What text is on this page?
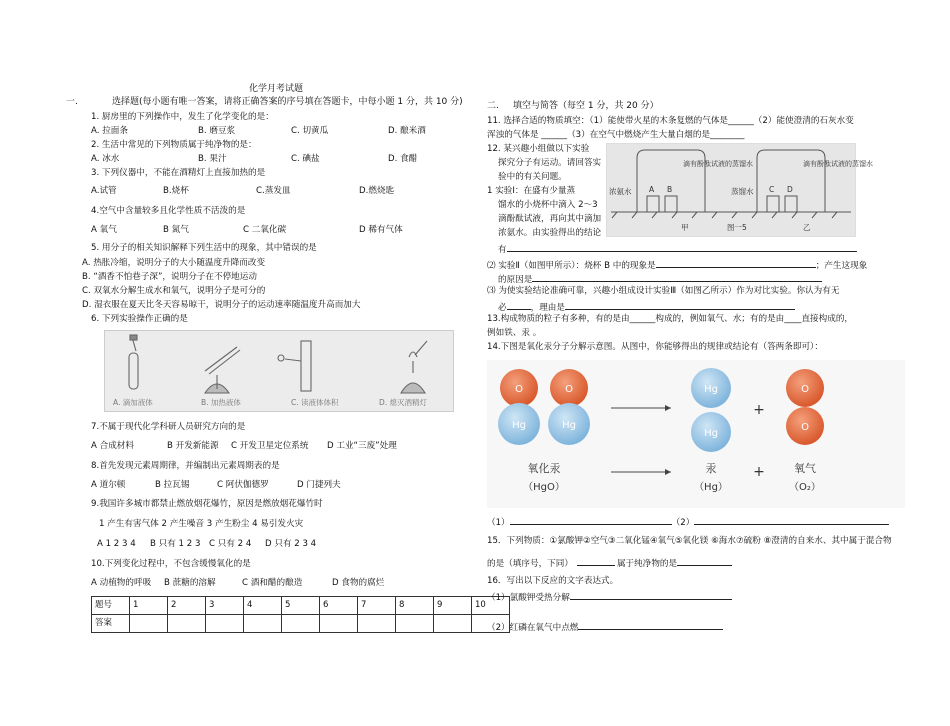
化学月考试题
一.	选择题(每小题有唯一答案，请将正确答案的序号填在答题卡，中每小题 1 分，共 10 分)
1. 厨房里的下列操作中，发生了化学变化的是：
A. 拉面条	B. 磨豆浆	C. 切黄瓜	D. 酿米酒
2. 生活中常见的下列物质属于纯净物的是：
A. 冰水	B. 果汁	C. 碘盐	D. 食醋
3. 下列仪器中，不能在酒精灯上直接加热的是
A.试管	B.烧杯	C.蒸发皿	D.燃烧匙
4.空气中含量较多且化学性质不活泼的是
A 氧气	B 氮气	C 二氧化碳	D 稀有气体
5. 用分子的相关知识解释下列生活中的现象，其中错误的是
A. 热胀冷缩，说明分子的大小随温度升降而改变
B. “酒香不怕巷子深”，说明分子在不停地运动
C. 双氧水分解生成水和氧气，说明分子是可分的
D. 湿衣服在夏天比冬天容易晾干，说明分子的运动速率随温度升高而加大
6. 下列实验操作正确的是
A. 滴加液体	B. 加热液体	C. 读液体体积	D. 熄灭酒精灯
7.不属于现代化学科研人员研究方向的是
A 合成材料	B 开发新能源 C 开发卫星定位系统 D 工业“三废”处理
8.首先发现元素周期律，并编制出元素周期表的是
A 道尔顿	B 拉瓦锡	C 阿伏伽德罗	D 门捷列夫
9.我国许多城市都禁止燃放烟花爆竹，原因是燃放烟花爆竹时
1 产生有害气体 2 产生噪音 3 产生粉尘 4 易引发火灾
A 1 2 3 4 B 只有 1 2 3 C 只有 2 4 D 只有 2 3 4
10.下列变化过程中，不包含缓慢氧化的是
A 动植物的呼吸 B 蔗糖的溶解	C 酒和醋的酿造	D 食物的腐烂
题号	1	2	3	4	5	6	7	8	9	10
答案										
二. 填空与简答（每空 1 分，共 20 分）
11. 选择合适的物质填空：（1）能使带火星的木条复燃的气体是______（2）能使澄清的石灰水变
浑浊的气体是 ______（3）在空气中燃烧产生大量白烟的是________
12. 某兴趣小组做以下实验
探究分子有运动。请回答实
验中的有关问题。
1 实验Ⅰ：在盛有少量蒸
馏水的小烧杯中滴入 2～3
滴酚酞试液，再向其中滴加
浓氨水。由实验得出的结论
有
A B	C D
浓氨水	蒸馏水
甲	图一5	乙
滴有酚酞试液的蒸馏水	滴有酚酞试液的蒸馏水
⑵ 实验Ⅱ（如图甲所示）：烧杯 B 中的现象是	；产生这现象
的原因是
⑶ 为使实验结论准确可靠，兴趣小组成设计实验Ⅲ（如图乙所示）作为对比实验。你认为有无
必	，理由是
13.构成物质的粒子有多种，有的是由______构成的，例如氧气、水；有的是由____直接构成的，
例如铁、汞 。
14.下图是氧化汞分子分解示意图。从图中，你能够得出的规律或结论有（答两条即可）：
O
Hg
O
Hg
Hg
Hg
O
O
+
+
氧化汞
（HgO）
汞
（Hg）
氧气
（O₂）
（1）	（2）
15．下列物质：①氯酸钾②空气③二氧化锰④氧气⑤氧化镁 ⑥海水⑦硫粉 ⑧澄清的自来水、其中属于混合物
的是（填序号，下同）	属于纯净物的是
16．写出以下反应的文字表达式。
（1）氯酸钾受热分解
（2）红磷在氧气中点燃
